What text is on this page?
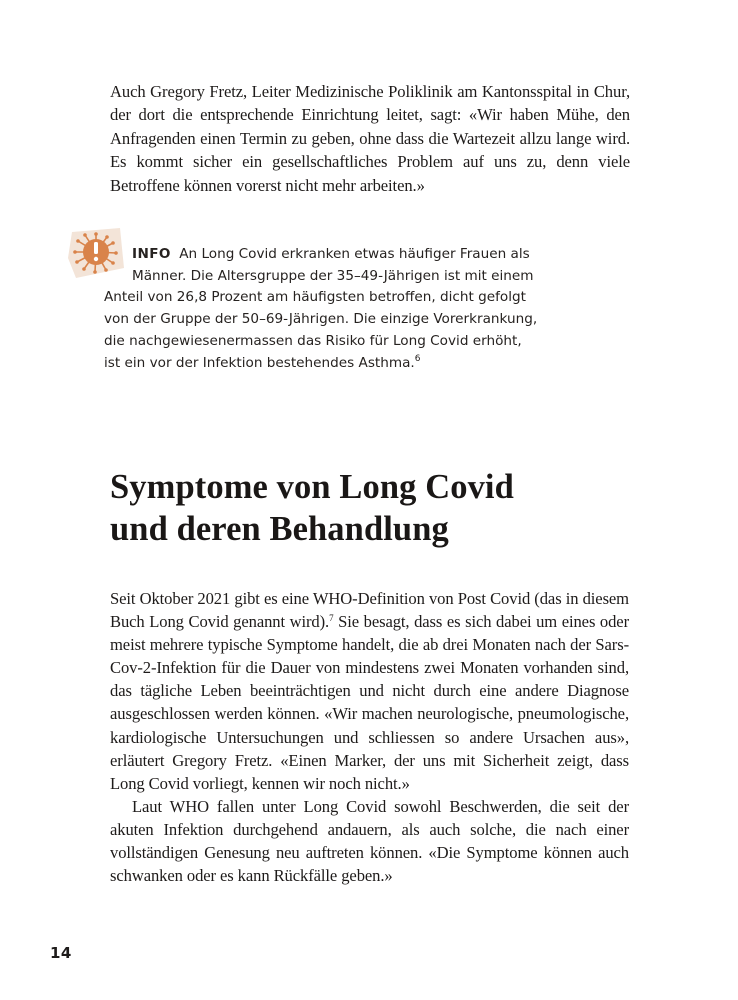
Auch Gregory Fretz, Leiter Medizinische Poliklinik am Kantonsspital in Chur, der dort die entsprechende Einrichtung leitet, sagt: «Wir haben Mühe, den Anfragenden einen Termin zu geben, ohne dass die Wartezeit allzu lange wird. Es kommt sicher ein gesellschaftliches Problem auf uns zu, denn viele Betroffene können vorerst nicht mehr arbeiten.»

INFO An Long Covid erkranken etwas häufiger Frauen als
Männer. Die Altersgruppe der 35–49-Jährigen ist mit einem
Anteil von 26,8 Prozent am häufigsten betroffen, dicht gefolgt
von der Gruppe der 50–69-Jährigen. Die einzige Vorerkrankung,
die nachgewiesenermassen das Risiko für Long Covid erhöht,
ist ein vor der Infektion bestehendes Asthma.$^6$
Symptome von Long Covid
und deren Behandlung

Seit Oktober 2021 gibt es eine WHO-Definition von Post Covid (das in diesem Buch Long Covid genannt wird).$^7$ Sie besagt, dass es sich dabei um eines oder meist mehrere typische Symptome handelt, die ab drei Monaten nach der Sars-Cov-2-Infektion für die Dauer von mindestens zwei Monaten vorhanden sind, das tägliche Leben beeinträchtigen und nicht durch eine andere Diagnose ausgeschlossen werden können. «Wir machen neurologische, pneumologische, kardiologische Untersuchungen und schliessen so andere Ursachen aus», erläutert Gregory Fretz. «Einen Marker, der uns mit Sicherheit zeigt, dass Long Covid vorliegt, kennen wir noch nicht.»

Laut WHO fallen unter Long Covid sowohl Beschwerden, die seit der akuten Infektion durchgehend andauern, als auch solche, die nach einer vollständigen Genesung neu auftreten können. «Die Symptome können auch schwanken oder es kann Rückfälle geben.»

14
